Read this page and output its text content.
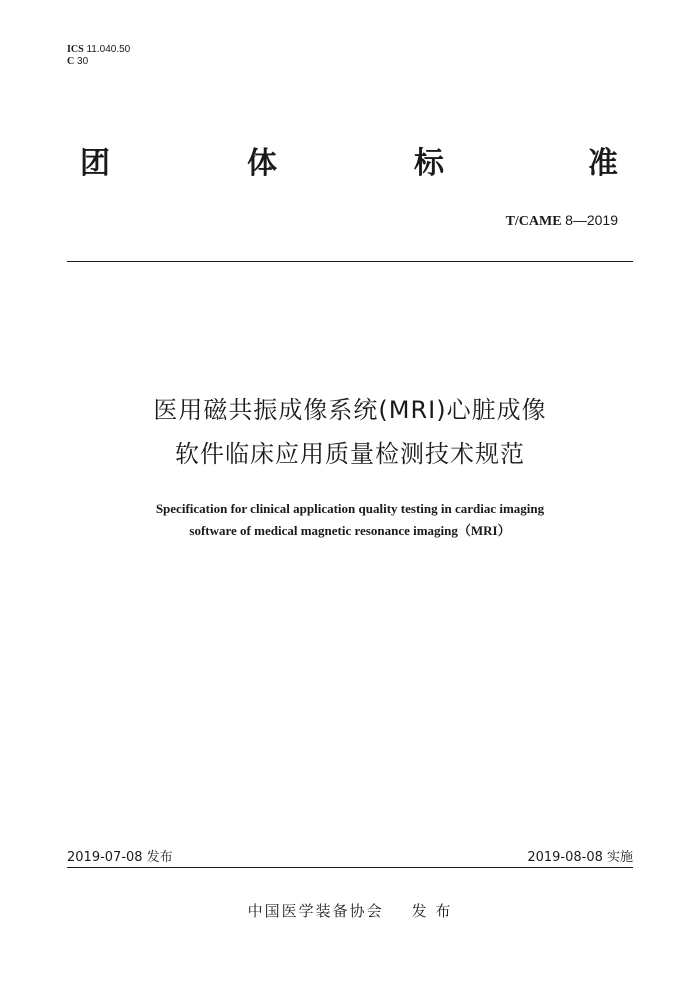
ICS 11.040.50
C 30
团	体	标	准
T/CAME 8—2019
医用磁共振成像系统(MRI)心脏成像
软件临床应用质量检测技术规范
Specification for clinical application quality testing in cardiac imaging
software of medical magnetic resonance imaging（MRI）
2019-07-08 发布	2019-08-08 实施
中国医学装备协会 发 布
